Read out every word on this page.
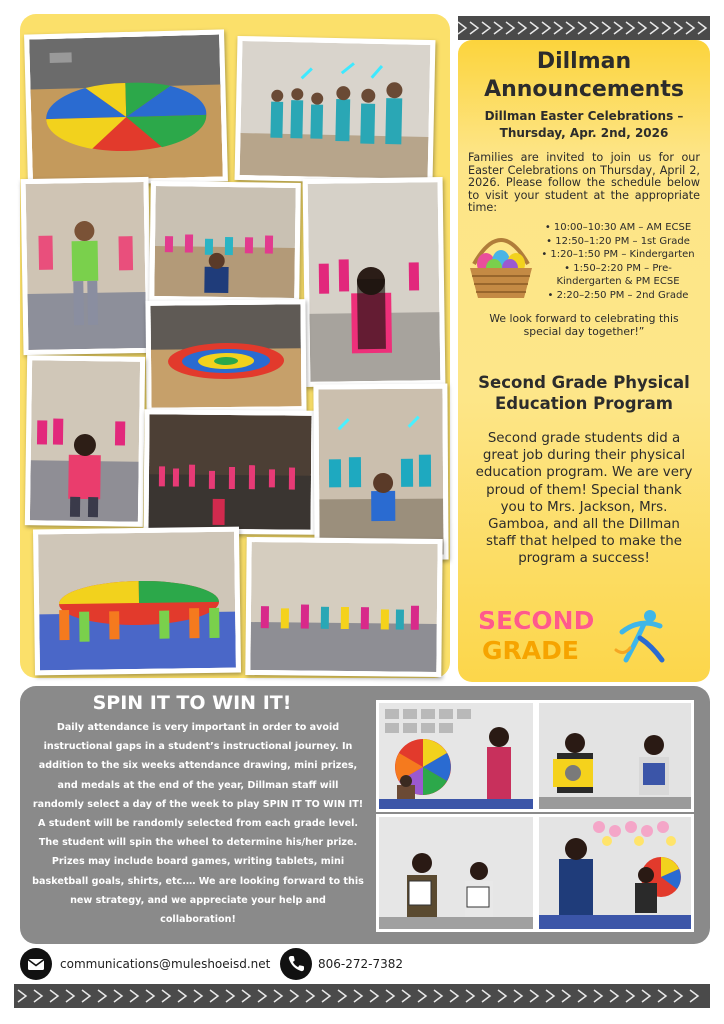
Dillman
Announcements
Dillman Easter Celebrations –
Thursday, Apr. 2nd, 2026

Families are invited to join us for our Easter Celebrations on Thursday, April 2, 2026. Please follow the schedule below to visit your student at the appropriate time:

• 10:00–10:30 AM – AM ECSE
• 12:50–1:20 PM – 1st Grade
• 1:20–1:50 PM – Kindergarten
• 1:50–2:20 PM – Pre-Kindergarten & PM ECSE
• 2:20–2:50 PM – 2nd Grade

We look forward to celebrating this special day together!”

Second Grade Physical
Education Program

Second grade students did a great job during their physical education program. We are very proud of them! Special thank you to Mrs. Jackson, Mrs. Gamboa, and all the Dillman staff that helped to make the program a success!

SECOND
GRADE
SPIN IT TO WIN IT!

Daily attendance is very important in order to avoid instructional gaps in a student’s instructional journey. In addition to the six weeks attendance drawing, mini prizes, and medals at the end of the year, Dillman staff will randomly select a day of the week to play SPIN IT TO WIN IT! A student will be randomly selected from each grade level. The student will spin the wheel to determine his/her prize. Prizes may include board games, writing tablets, mini basketball goals, shirts, etc.… We are looking forward to this new strategy, and we appreciate your help and collaboration!

communications@muleshoeisd.net	806-272-7382
